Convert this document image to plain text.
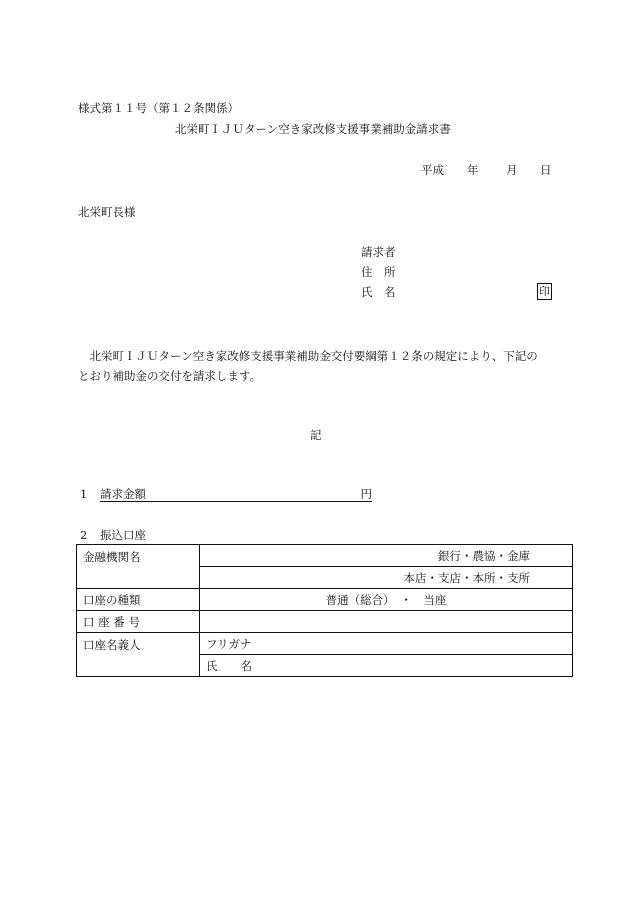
様式第１１号（第１２条関係）
北栄町ＩＪＵターン空き家改修支援事業補助金請求書
平成 年 月 日
北栄町長様
請求者
住　所
氏　名	印

　北栄町ＩＪＵターン空き家改修支援事業補助金交付要綱第１２条の規定により、下記の

とおり補助金の交付を請求します。

記
1 請求金額	円
2 振込口座
金融機関名	銀行・農協・金庫
	本店・支店・本所・支所
口座の種類	普通（総合）　・　当座
口 座 番 号	
口座名義人	フリガナ
	氏　　名
